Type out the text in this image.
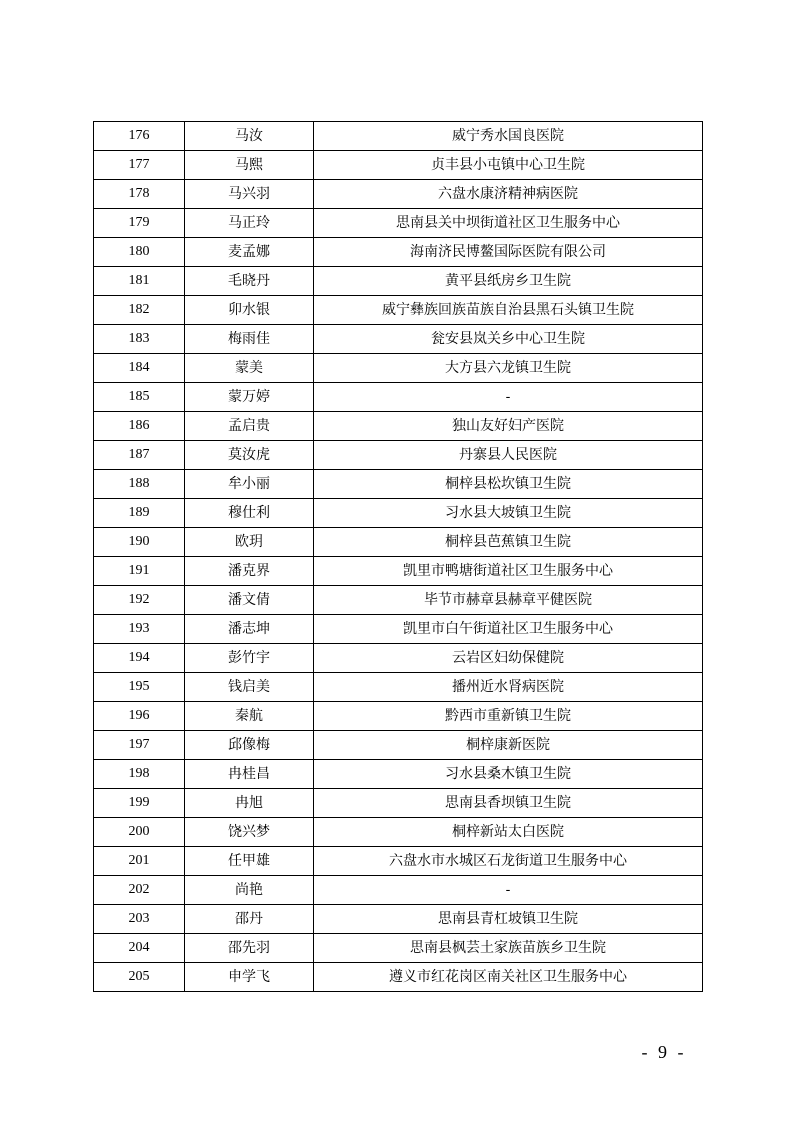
176	马汝	威宁秀水国良医院
177	马熙	贞丰县小屯镇中心卫生院
178	马兴羽	六盘水康济精神病医院
179	马正玲	思南县关中坝街道社区卫生服务中心
180	麦孟娜	海南济民博鳌国际医院有限公司
181	毛晓丹	黄平县纸房乡卫生院
182	卯水银	威宁彝族回族苗族自治县黑石头镇卫生院
183	梅雨佳	瓮安县岚关乡中心卫生院
184	蒙美	大方县六龙镇卫生院
185	蒙万婷	-
186	孟启贵	独山友好妇产医院
187	莫汝虎	丹寨县人民医院
188	牟小丽	桐梓县松坎镇卫生院
189	穆仕利	习水县大坡镇卫生院
190	欧玥	桐梓县芭蕉镇卫生院
191	潘克界	凯里市鸭塘街道社区卫生服务中心
192	潘文倩	毕节市赫章县赫章平健医院
193	潘志坤	凯里市白午街道社区卫生服务中心
194	彭竹宇	云岩区妇幼保健院
195	钱启美	播州近水肾病医院
196	秦航	黔西市重新镇卫生院
197	邱像梅	桐梓康新医院
198	冉桂昌	习水县桑木镇卫生院
199	冉旭	思南县香坝镇卫生院
200	饶兴梦	桐梓新站太白医院
201	任甲雄	六盘水市水城区石龙街道卫生服务中心
202	尚艳	-
203	邵丹	思南县青杠坡镇卫生院
204	邵先羽	思南县枫芸土家族苗族乡卫生院
205	申学飞	遵义市红花岗区南关社区卫生服务中心
- 9 -
